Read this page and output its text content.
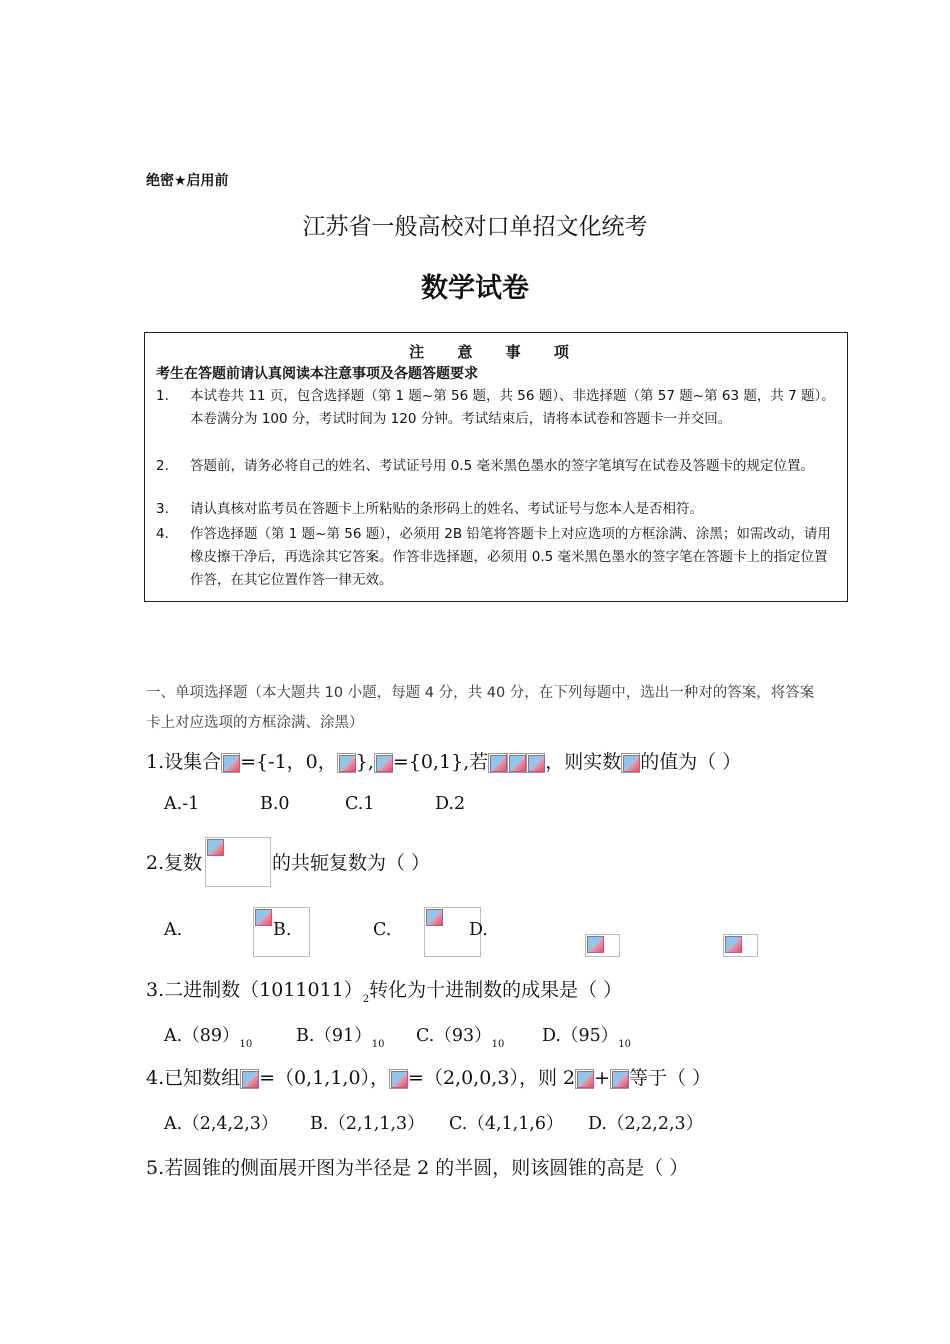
绝密★启用前
江苏省一般高校对口单招文化统考
数学试卷
注 意 事 项
考生在答题前请认真阅读本注意事项及各题答题要求
1. 本试卷共 11 页，包含选择题（第 1 题~第 56 题，共 56 题）、非选择题（第 57 题~第 63 题，共 7 题）。本卷满分为 100 分，考试时间为 120 分钟。考试结束后，请将本试卷和答题卡一并交回。
2. 答题前，请务必将自己的姓名、考试证号用 0.5 毫米黑色墨水的签字笔填写在试卷及答题卡的规定位置。
3. 请认真核对监考员在答题卡上所粘贴的条形码上的姓名、考试证号与您本人是否相符。
4. 作答选择题（第 1 题~第 56 题），必须用 2B 铅笔将答题卡上对应选项的方框涂满、涂黑；如需改动，请用橡皮擦干净后，再选涂其它答案。作答非选择题，必须用 0.5 毫米黑色墨水的签字笔在答题卡上的指定位置作答，在其它位置作答一律无效。
一、单项选择题（本大题共 10 小题，每题 4 分，共 40 分，在下列每题中，选出一种对的答案，将答案卡上对应选项的方框涂满、涂黑）
1.设集合 ={-1，0， }, ={0,1},若	，则实数 的值为（ ）
A.-1	B.0	C.1	D.2
2.复数
	的共轭复数为（ ）
A.
	B.
	C.
	D.
3.二进制数$(1011011)_2$转化为十进制数的成果是（ ）
$A.(89)_{10}$	$B.(91)_{10}$ $C.(93)_{10}$ $D.(95)_{10}$
4.已知数组 =（0,1,1,0）， =（2,0,0,3），则 2 + 等于（ ）
A.（2,4,2,3） B.（2,1,1,3） C.（4,1,1,6） D.（2,2,2,3）
5.若圆锥的侧面展开图为半径是 2 的半圆，则该圆锥的高是（ ）
